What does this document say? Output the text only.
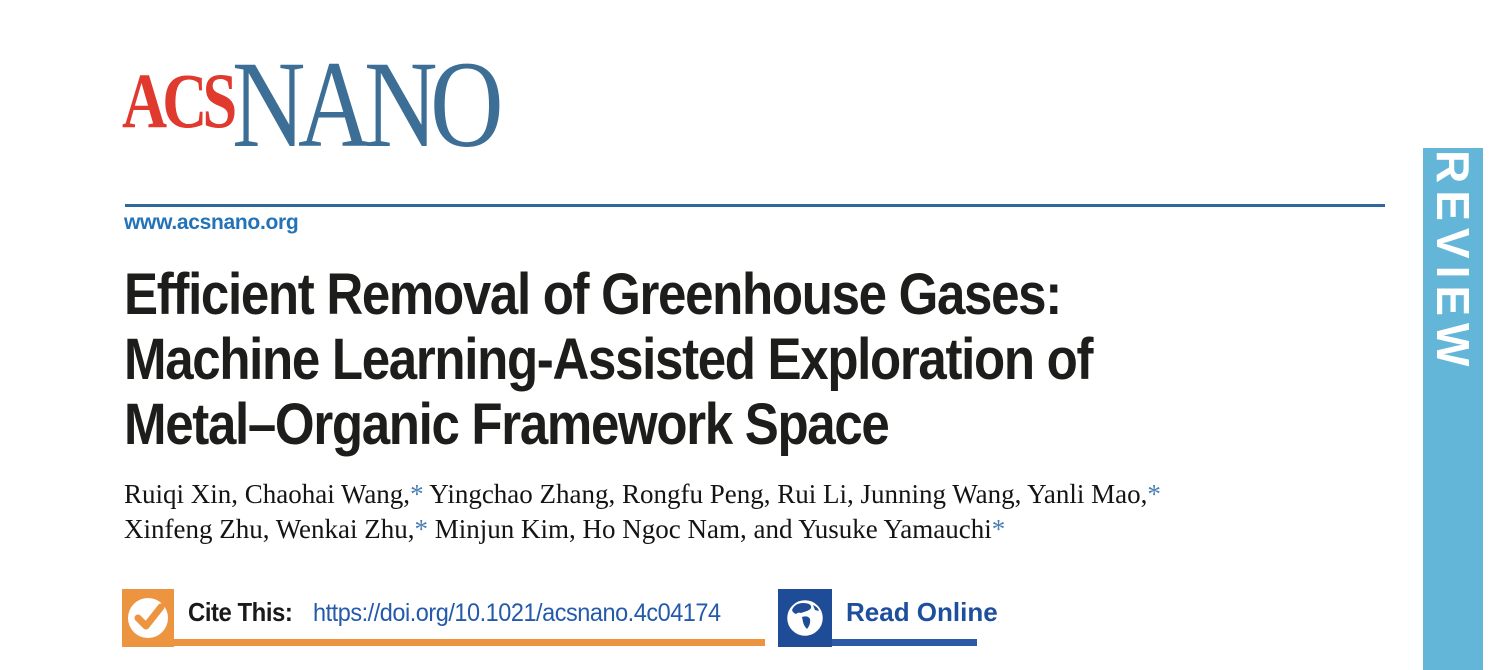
ACS NANO
www.acsnano.org
Efficient Removal of Greenhouse Gases:
Machine Learning-Assisted Exploration of
Metal–Organic Framework Space
Ruiqi Xin, Chaohai Wang,* Yingchao Zhang, Rongfu Peng, Rui Li, Junning Wang, Yanli Mao,*
Xinfeng Zhu, Wenkai Zhu,* Minjun Kim, Ho Ngoc Nam, and Yusuke Yamauchi*
Cite This: https://doi.org/10.1021/acsnano.4c04174	Read Online
REVIEW
